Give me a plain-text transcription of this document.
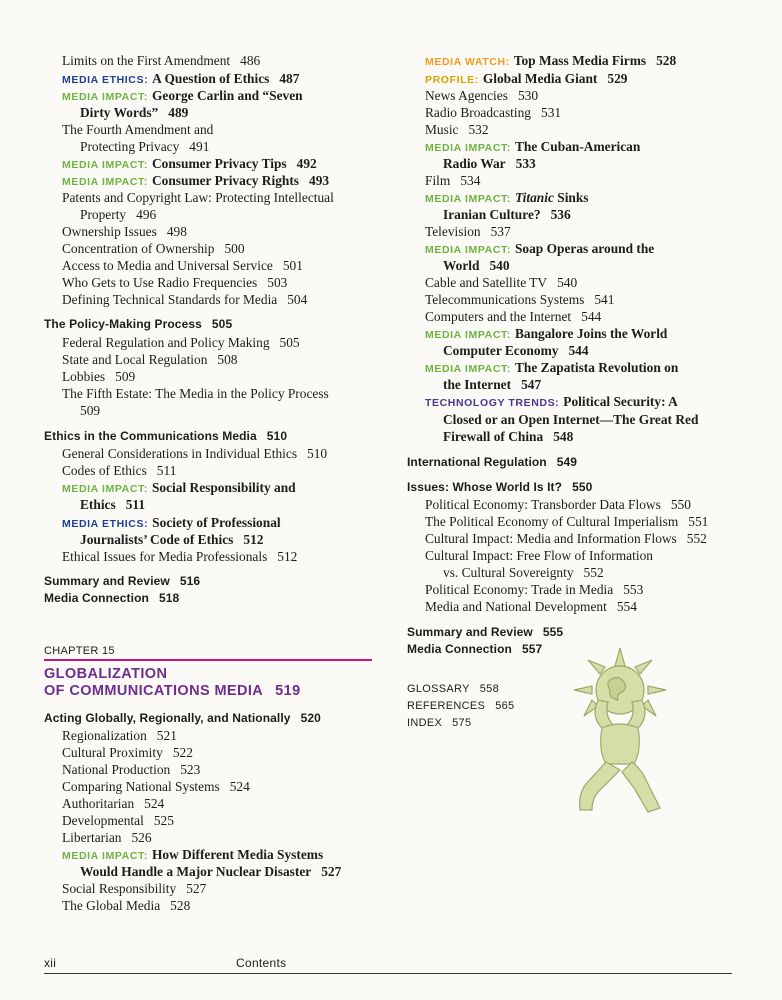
CHAPTER 15
GLOBALIZATION
OF COMMUNICATIONS MEDIA 519
xii	Contents
Limits on the First Amendment 486
MEDIA ETHICS: A Question of Ethics 487
MEDIA IMPACT: George Carlin and “Seven
Dirty Words” 489
The Fourth Amendment and
Protecting Privacy 491
MEDIA IMPACT: Consumer Privacy Tips 492
MEDIA IMPACT: Consumer Privacy Rights 493
Patents and Copyright Law: Protecting Intellectual
Property 496
Ownership Issues 498
Concentration of Ownership 500
Access to Media and Universal Service 501
Who Gets to Use Radio Frequencies 503
Defining Technical Standards for Media 504
The Policy-Making Process 505
Federal Regulation and Policy Making 505
State and Local Regulation 508
Lobbies 509
The Fifth Estate: The Media in the Policy Process
509
Ethics in the Communications Media 510
General Considerations in Individual Ethics 510
Codes of Ethics 511
MEDIA IMPACT: Social Responsibility and
Ethics 511
MEDIA ETHICS: Society of Professional
Journalists’ Code of Ethics 512
Ethical Issues for Media Professionals 512
Summary and Review 516
Media Connection 518
Acting Globally, Regionally, and Nationally 520
Regionalization 521
Cultural Proximity 522
National Production 523
Comparing National Systems 524
Authoritarian 524
Developmental 525
Libertarian 526
MEDIA IMPACT: How Different Media Systems
Would Handle a Major Nuclear Disaster 527
Social Responsibility 527
The Global Media 528
MEDIA WATCH: Top Mass Media Firms 528
PROFILE: Global Media Giant 529
News Agencies 530
Radio Broadcasting 531
Music 532
MEDIA IMPACT: The Cuban-American
Radio War 533
Film 534
MEDIA IMPACT: Titanic Sinks
Iranian Culture? 536
Television 537
MEDIA IMPACT: Soap Operas around the
World 540
Cable and Satellite TV 540
Telecommunications Systems 541
Computers and the Internet 544
MEDIA IMPACT: Bangalore Joins the World
Computer Economy 544
MEDIA IMPACT: The Zapatista Revolution on
the Internet 547
TECHNOLOGY TRENDS: Political Security: A
Closed or an Open Internet—The Great Red
Firewall of China 548
International Regulation 549
Issues: Whose World Is It? 550
Political Economy: Transborder Data Flows 550
The Political Economy of Cultural Imperialism 551
Cultural Impact: Media and Information Flows 552
Cultural Impact: Free Flow of Information
vs. Cultural Sovereignty 552
Political Economy: Trade in Media 553
Media and National Development 554
Summary and Review 555
Media Connection 557
GLOSSARY 558
REFERENCES 565
INDEX 575
